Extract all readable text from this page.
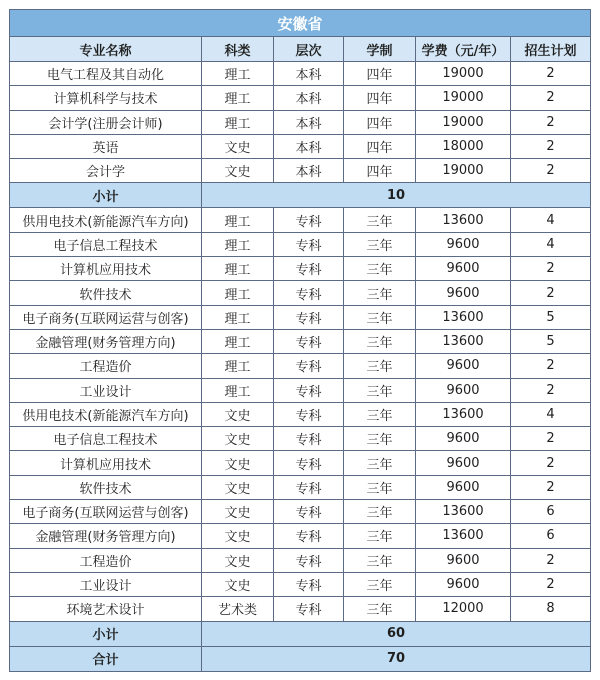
安徽省					
专业名称	科类	层次	学制	学费（元/年）	招生计划
电气工程及其自动化	理工	本科	四年	19000	2
计算机科学与技术	理工	本科	四年	19000	2
会计学(注册会计师)	理工	本科	四年	19000	2
英语	文史	本科	四年	18000	2
会计学	文史	本科	四年	19000	2
小计	10				
供用电技术(新能源汽车方向)	理工	专科	三年	13600	4
电子信息工程技术	理工	专科	三年	9600	4
计算机应用技术	理工	专科	三年	9600	2
软件技术	理工	专科	三年	9600	2
电子商务(互联网运营与创客)	理工	专科	三年	13600	5
金融管理(财务管理方向)	理工	专科	三年	13600	5
工程造价	理工	专科	三年	9600	2
工业设计	理工	专科	三年	9600	2
供用电技术(新能源汽车方向)	文史	专科	三年	13600	4
电子信息工程技术	文史	专科	三年	9600	2
计算机应用技术	文史	专科	三年	9600	2
软件技术	文史	专科	三年	9600	2
电子商务(互联网运营与创客)	文史	专科	三年	13600	6
金融管理(财务管理方向)	文史	专科	三年	13600	6
工程造价	文史	专科	三年	9600	2
工业设计	文史	专科	三年	9600	2
环境艺术设计	艺术类	专科	三年	12000	8
小计	60				
合计	70				
